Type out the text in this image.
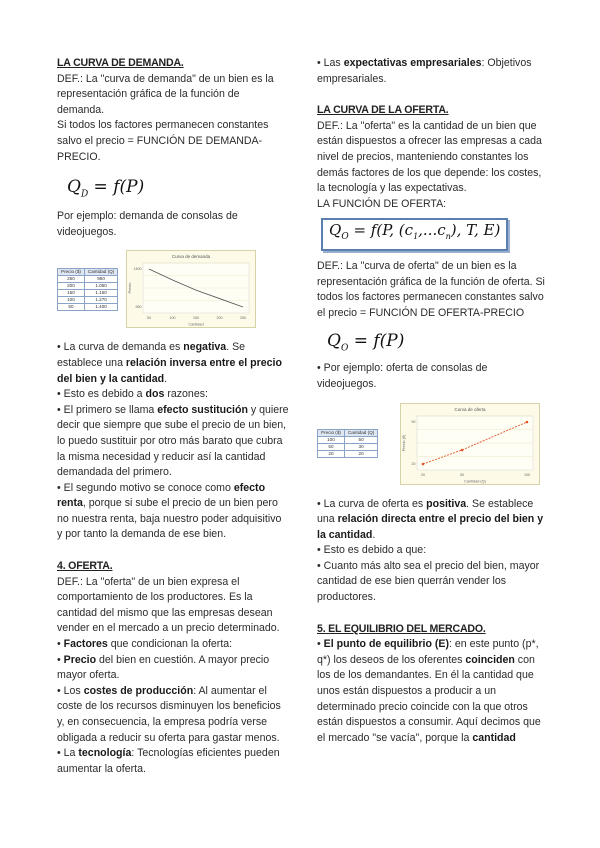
LA CURVA DE DEMANDA.

DEF.: La "curva de demanda" de un bien es la representación gráfica de la función de demanda.

Si todos los factores permanecen constantes salvo el precio = FUNCIÓN DE DEMANDA-PRECIO.

$Q_D = f(P)$

Por ejemplo: demanda de consolas de videojuegos.

Precio ($)	Cantidad (Q)
250	950
200	1.050
150	1.150
100	1.270
50	1.400
Curva de demanda
50	100	150	200	250
950
1400
Cantidad
Precio

• La curva de demanda es negativa. Se establece una relación inversa entre el precio del bien y la cantidad.

• Esto es debido a dos razones:

• El primero se llama efecto sustitución y quiere decir que siempre que sube el precio de un bien, lo puedo sustituir por otro más barato que cubra la misma necesidad y reducir así la cantidad demandada del primero.

• El segundo motivo se conoce como efecto renta, porque si sube el precio de un bien pero no nuestra renta, baja nuestro poder adquisitivo y por tanto la demanda de ese bien.

4. OFERTA.

DEF.: La "oferta" de un bien expresa el comportamiento de los productores. Es la cantidad del mismo que las empresas desean vender en el mercado a un precio determinado.

• Factores que condicionan la oferta:

• Precio del bien en cuestión. A mayor precio mayor oferta.

• Los costes de producción: Al aumentar el coste de los recursos disminuyen los beneficios y, en consecuencia, la empresa podría verse obligada a reducir su oferta para gastar menos.

• La tecnología: Tecnologías eficientes pueden aumentar la oferta.

• Las expectativas empresariales: Objetivos empresariales.

LA CURVA DE LA OFERTA.

DEF.: La "oferta" es la cantidad de un bien que están dispuestos a ofrecer las empresas a cada nivel de precios, manteniendo constantes los demás factores de los que depende: los costes, la tecnología y las expectativas.

LA FUNCIÓN DE OFERTA:

$Q_O = f(P$, $(c_1,...c_n)$, T, E)

DEF.: La "curva de oferta" de un bien es la representación gráfica de la función de oferta. Si todos los factores permanecen constantes salvo el precio = FUNCIÓN DE OFERTA-PRECIO

$Q_O = f(P)$

• Por ejemplo: oferta de consolas de videojuegos.

Precio ($)	Cantidad (Q)
100	50
50	30
20	20
Curva de oferta
20	50	100
20
50
Cantidad (Q)
Precio ($)

• La curva de oferta es positiva. Se establece una relación directa entre el precio del bien y la cantidad.

• Esto es debido a que:

• Cuanto más alto sea el precio del bien, mayor cantidad de ese bien querrán vender los productores.

5. EL EQUILIBRIO DEL MERCADO.

• El punto de equilibrio (E): en este punto (p*, q*) los deseos de los oferentes coinciden con los de los demandantes. En él la cantidad que unos están dispuestos a producir a un determinado precio coincide con la que otros están dispuestos a consumir. Aquí decimos que el mercado "se vacía", porque la cantidad
